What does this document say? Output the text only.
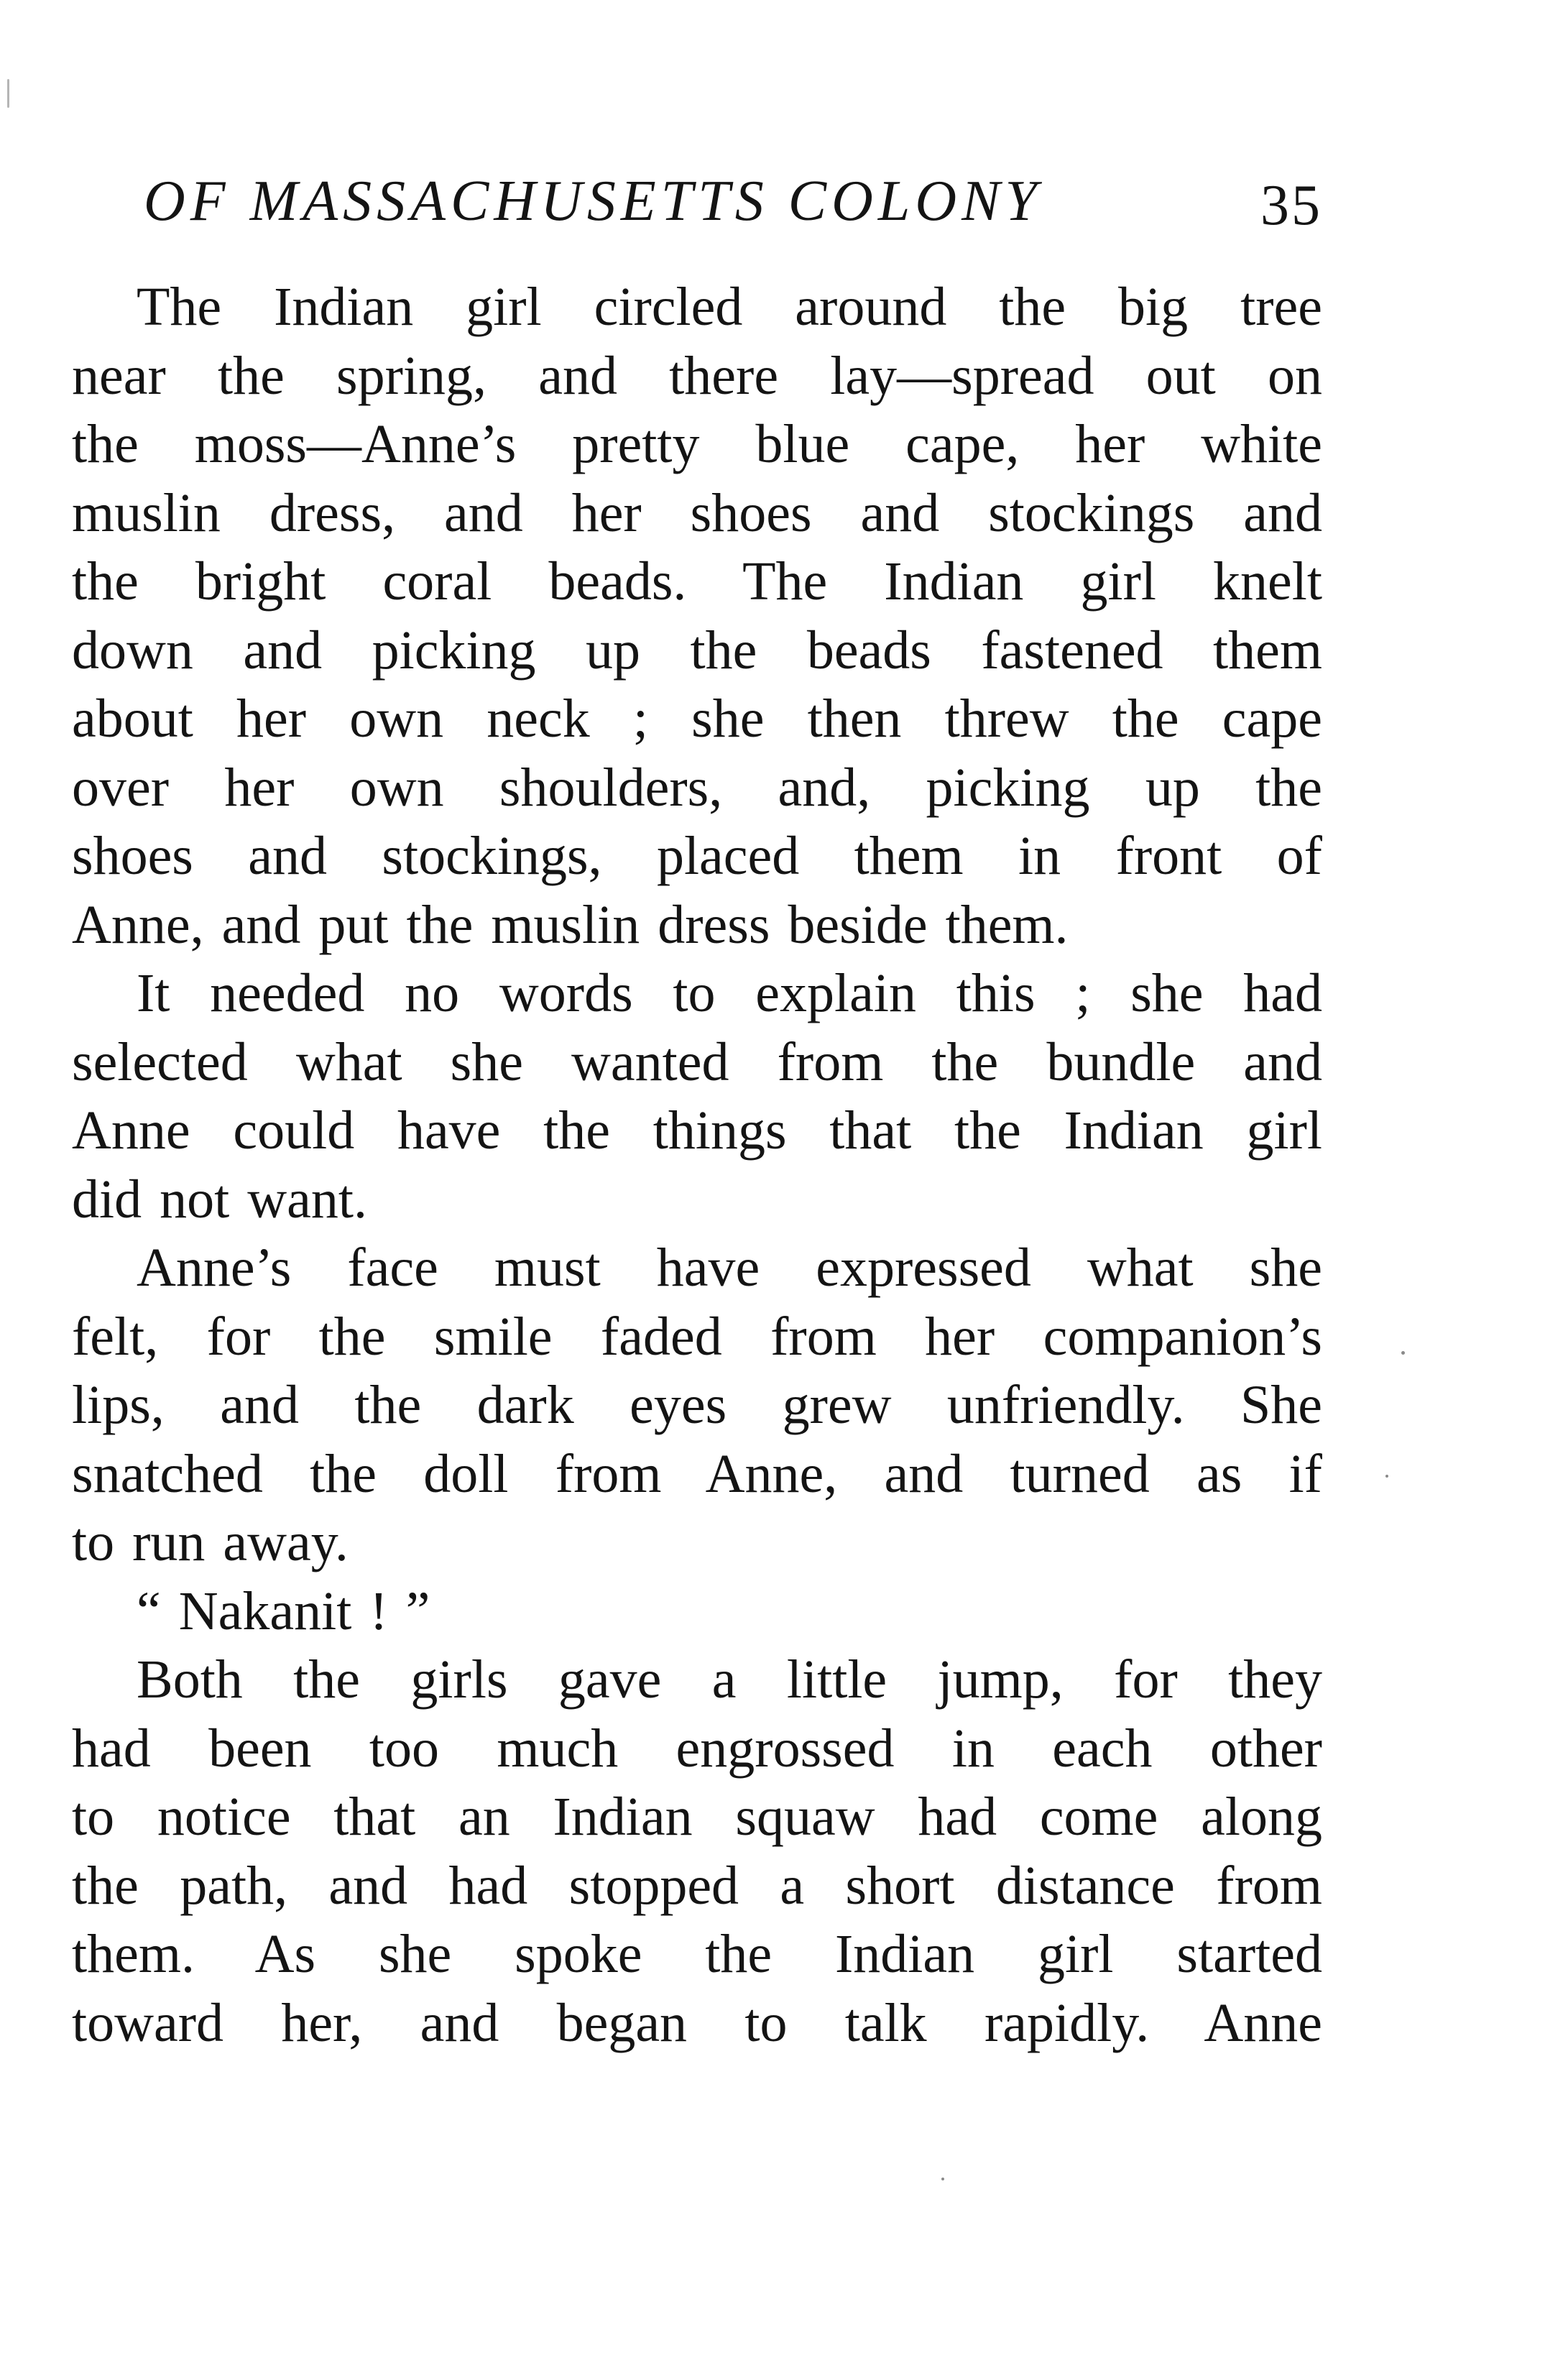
OF MASSACHUSETTS COLONY	35
The Indian girl circled around the big tree
near the spring, and there lay—spread out on
the moss—Anne’s pretty blue cape, her white
muslin dress, and her shoes and stockings and
the bright coral beads. The Indian girl knelt
down and picking up the beads fastened them
about her own neck ; she then threw the cape
over her own shoulders, and, picking up the
shoes and stockings, placed them in front of
Anne, and put the muslin dress beside them.
It needed no words to explain this ; she had
selected what she wanted from the bundle and
Anne could have the things that the Indian girl
did not want.
Anne’s face must have expressed what she
felt, for the smile faded from her companion’s
lips, and the dark eyes grew unfriendly. She
snatched the doll from Anne, and turned as if
to run away.
“ Nakanit ! ”
Both the girls gave a little jump, for they
had been too much engrossed in each other
to notice that an Indian squaw had come along
the path, and had stopped a short distance from
them. As she spoke the Indian girl started
toward her, and began to talk rapidly. Anne
